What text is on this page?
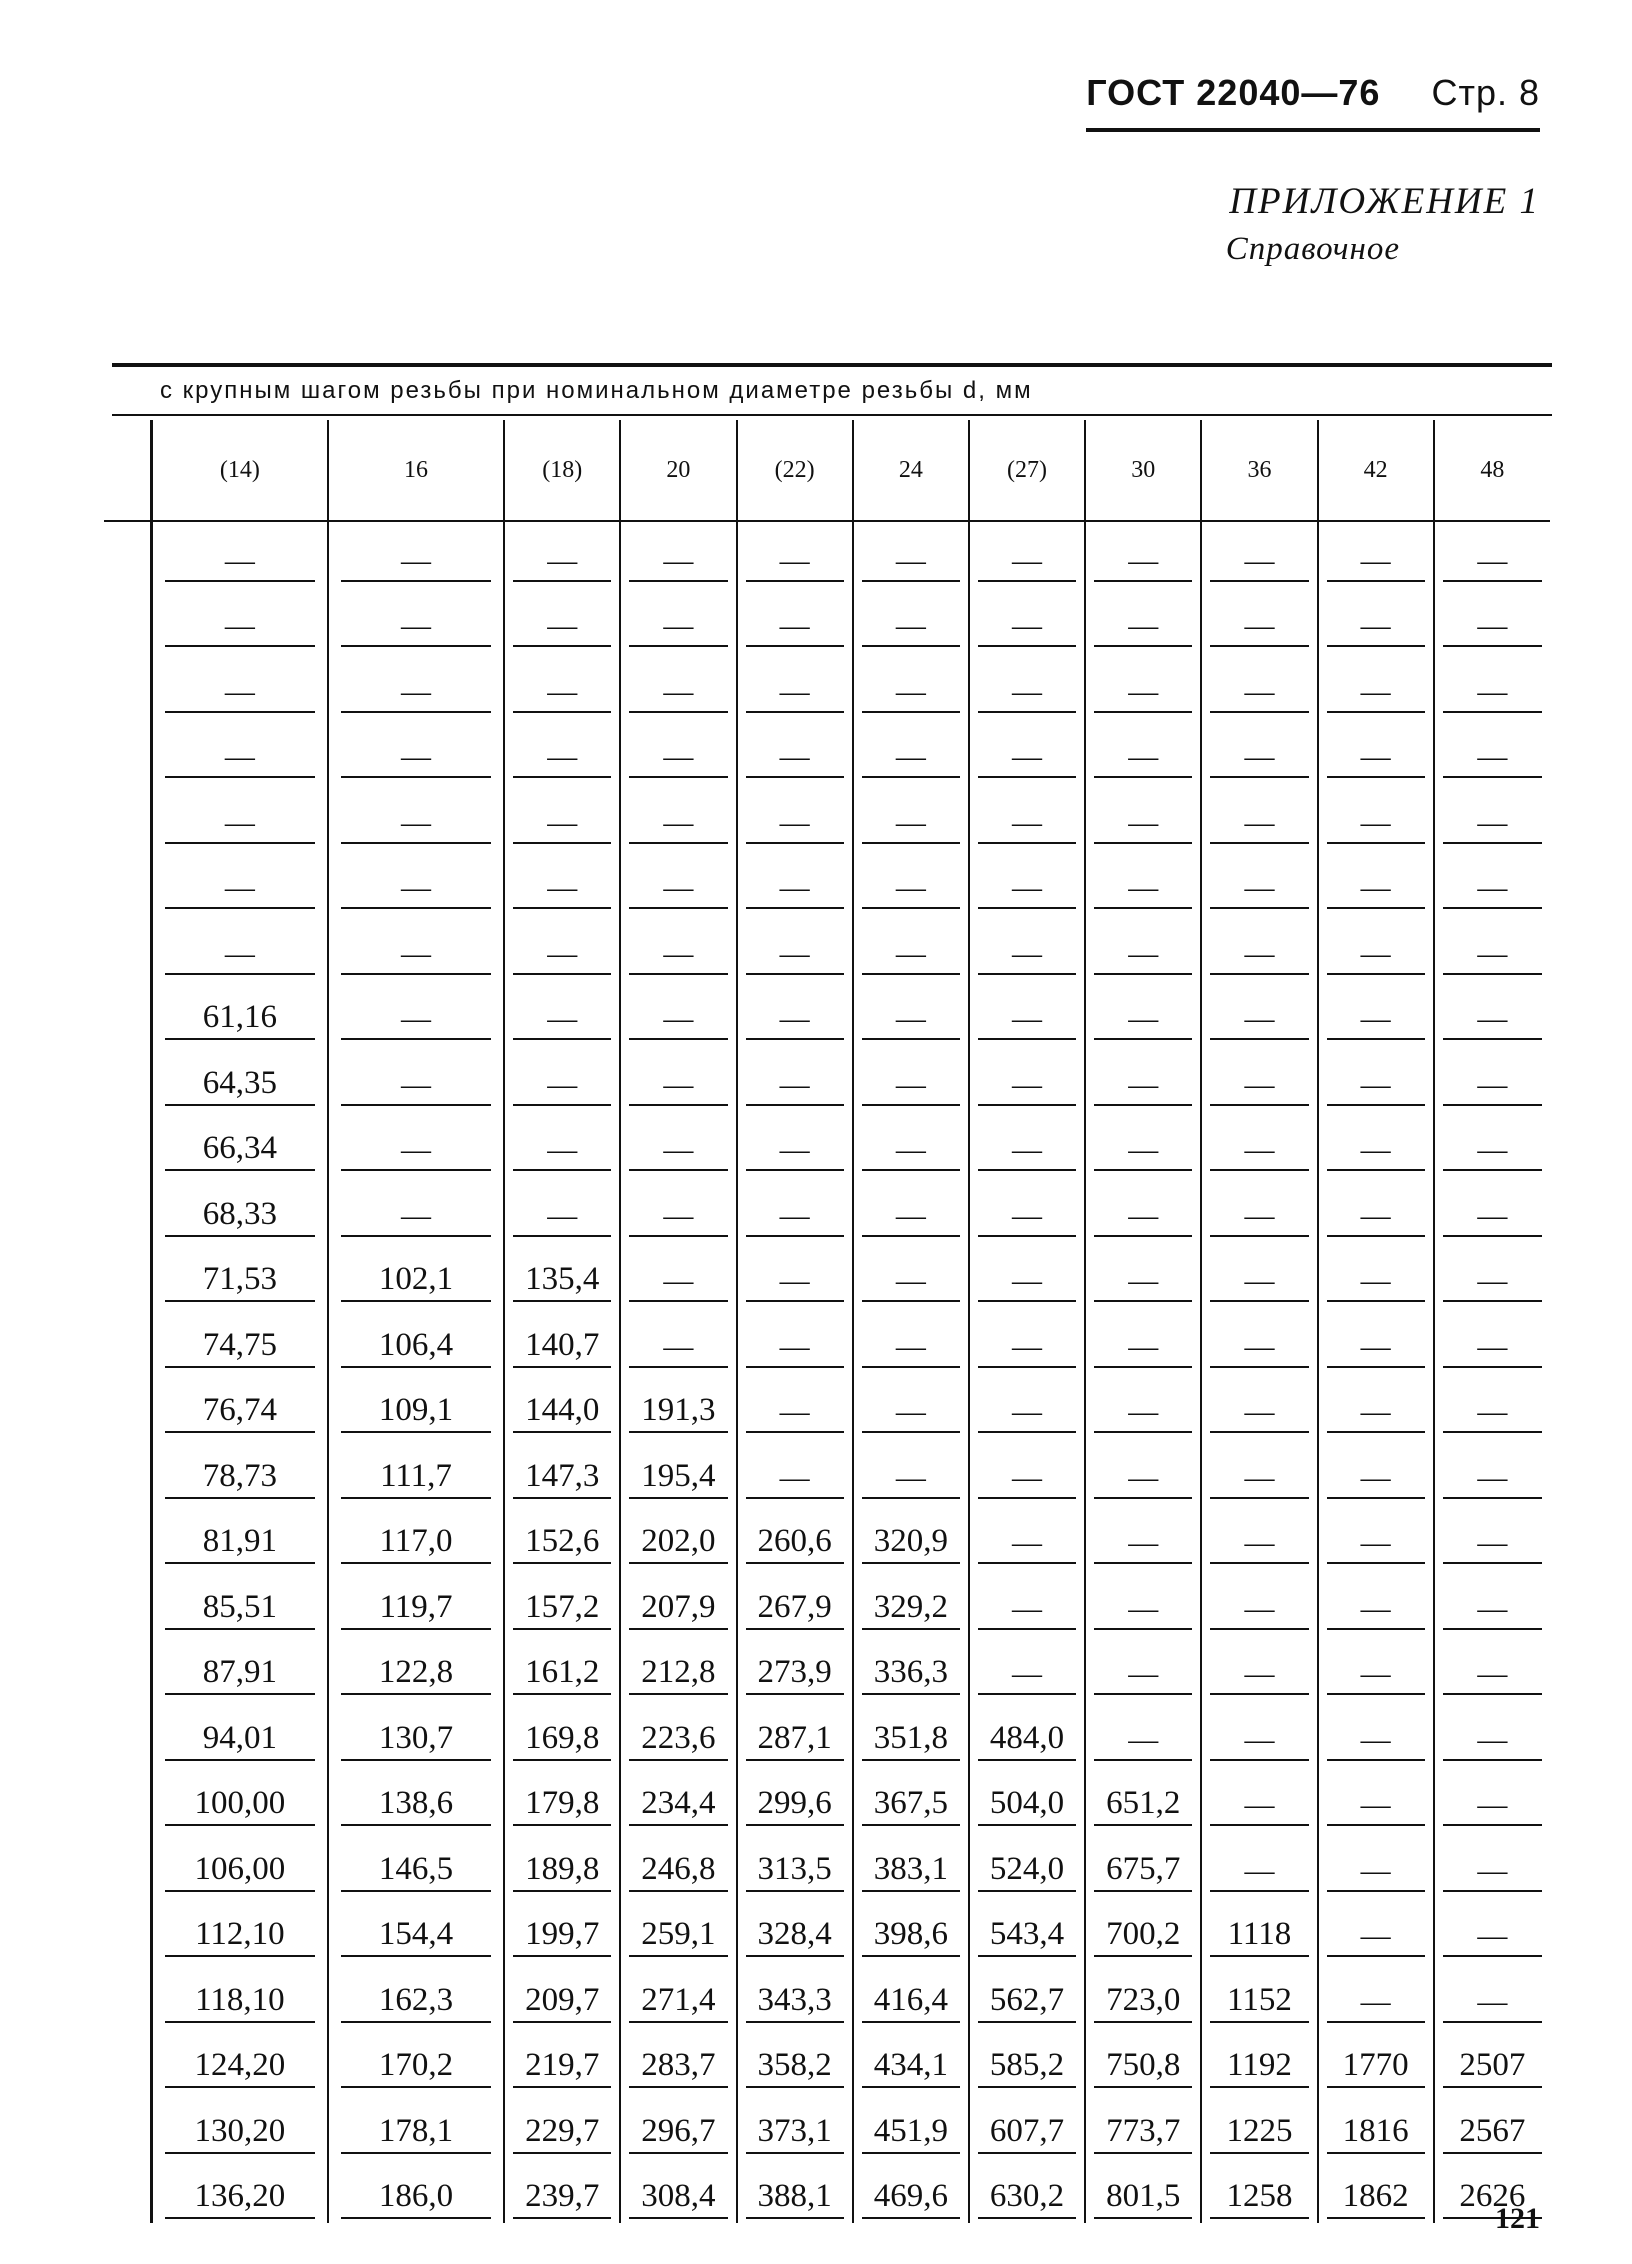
ГОСТ 22040—76 Стр. 8
ПРИЛОЖЕНИЕ 1
Справочное
с крупным шагом резьбы при номинальном диаметре резьбы d, мм
(14)	16	(18)	20	(22)	24	(27)	30	36	42	48
—	—	—	—	—	—	—	—	—	—	—
—	—	—	—	—	—	—	—	—	—	—
—	—	—	—	—	—	—	—	—	—	—
—	—	—	—	—	—	—	—	—	—	—
—	—	—	—	—	—	—	—	—	—	—
—	—	—	—	—	—	—	—	—	—	—
—	—	—	—	—	—	—	—	—	—	—
61,16	—	—	—	—	—	—	—	—	—	—
64,35	—	—	—	—	—	—	—	—	—	—
66,34	—	—	—	—	—	—	—	—	—	—
68,33	—	—	—	—	—	—	—	—	—	—
71,53	102,1	135,4	—	—	—	—	—	—	—	—
74,75	106,4	140,7	—	—	—	—	—	—	—	—
76,74	109,1	144,0	191,3	—	—	—	—	—	—	—
78,73	111,7	147,3	195,4	—	—	—	—	—	—	—
81,91	117,0	152,6	202,0	260,6	320,9	—	—	—	—	—
85,51	119,7	157,2	207,9	267,9	329,2	—	—	—	—	—
87,91	122,8	161,2	212,8	273,9	336,3	—	—	—	—	—
94,01	130,7	169,8	223,6	287,1	351,8	484,0	—	—	—	—
100,00	138,6	179,8	234,4	299,6	367,5	504,0	651,2	—	—	—
106,00	146,5	189,8	246,8	313,5	383,1	524,0	675,7	—	—	—
112,10	154,4	199,7	259,1	328,4	398,6	543,4	700,2	1118	—	—
118,10	162,3	209,7	271,4	343,3	416,4	562,7	723,0	1152	—	—
124,20	170,2	219,7	283,7	358,2	434,1	585,2	750,8	1192	1770	2507
130,20	178,1	229,7	296,7	373,1	451,9	607,7	773,7	1225	1816	2567
136,20	186,0	239,7	308,4	388,1	469,6	630,2	801,5	1258	1862	2626
121
